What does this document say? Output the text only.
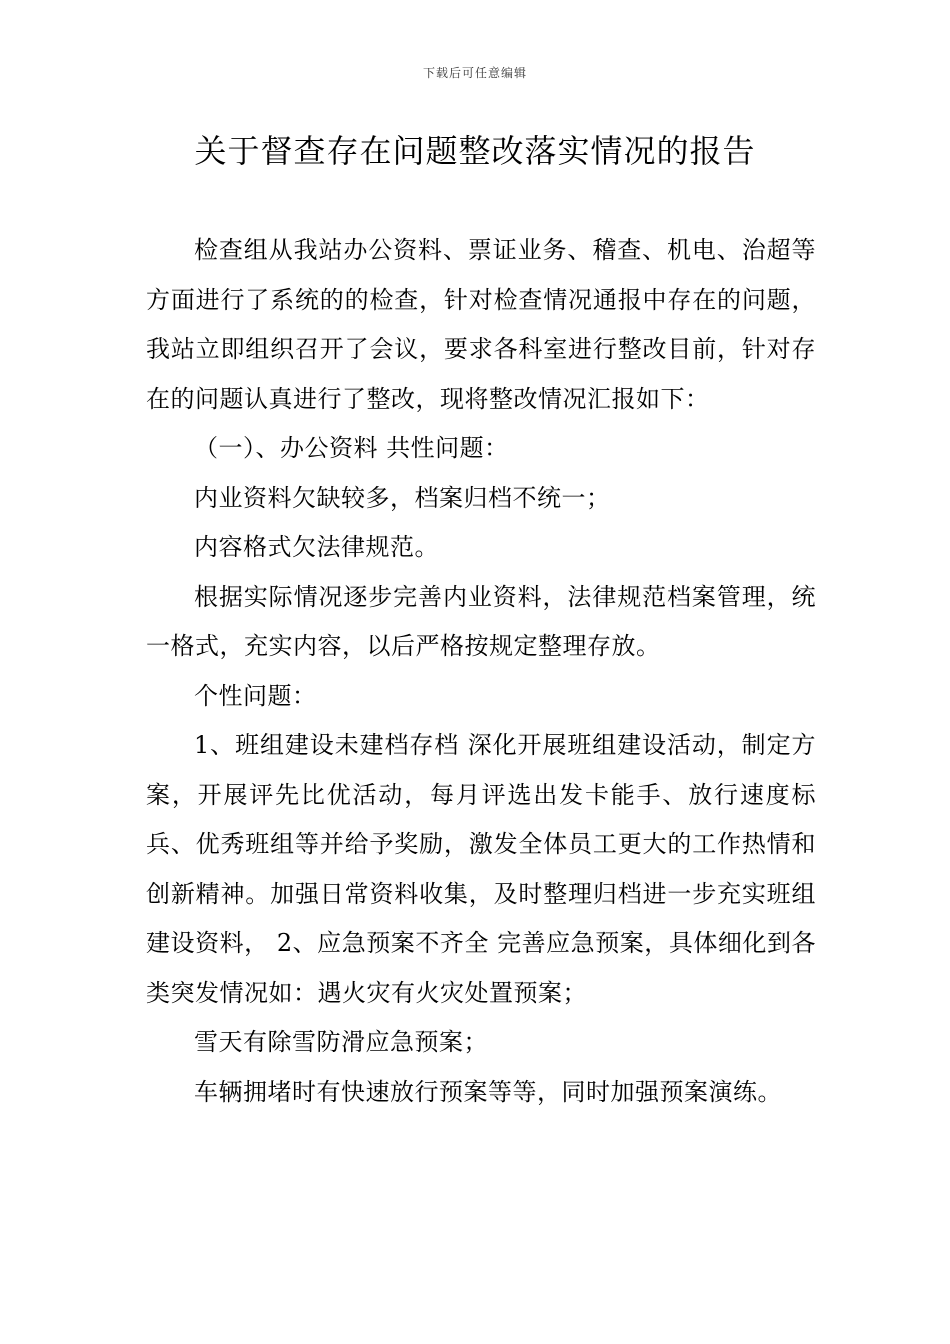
下载后可任意编辑
关于督查存在问题整改落实情况的报告

检查组从我站办公资料、票证业务、稽查、机电、治超等方面进行了系统的的检查，针对检查情况通报中存在的问题，我站立即组织召开了会议，要求各科室进行整改目前，针对存在的问题认真进行了整改，现将整改情况汇报如下：

（一）、办公资料 共性问题：

内业资料欠缺较多，档案归档不统一；

内容格式欠法律规范。

根据实际情况逐步完善内业资料，法律规范档案管理，统一格式，充实内容，以后严格按规定整理存放。

个性问题：

1、班组建设未建档存档 深化开展班组建设活动，制定方案，开展评先比优活动，每月评选出发卡能手、放行速度标兵、优秀班组等并给予奖励，激发全体员工更大的工作热情和创新精神。加强日常资料收集，及时整理归档进一步充实班组建设资料， 2、应急预案不齐全 完善应急预案，具体细化到各类突发情况如：遇火灾有火灾处置预案；

雪天有除雪防滑应急预案；

车辆拥堵时有快速放行预案等等，同时加强预案演练。
